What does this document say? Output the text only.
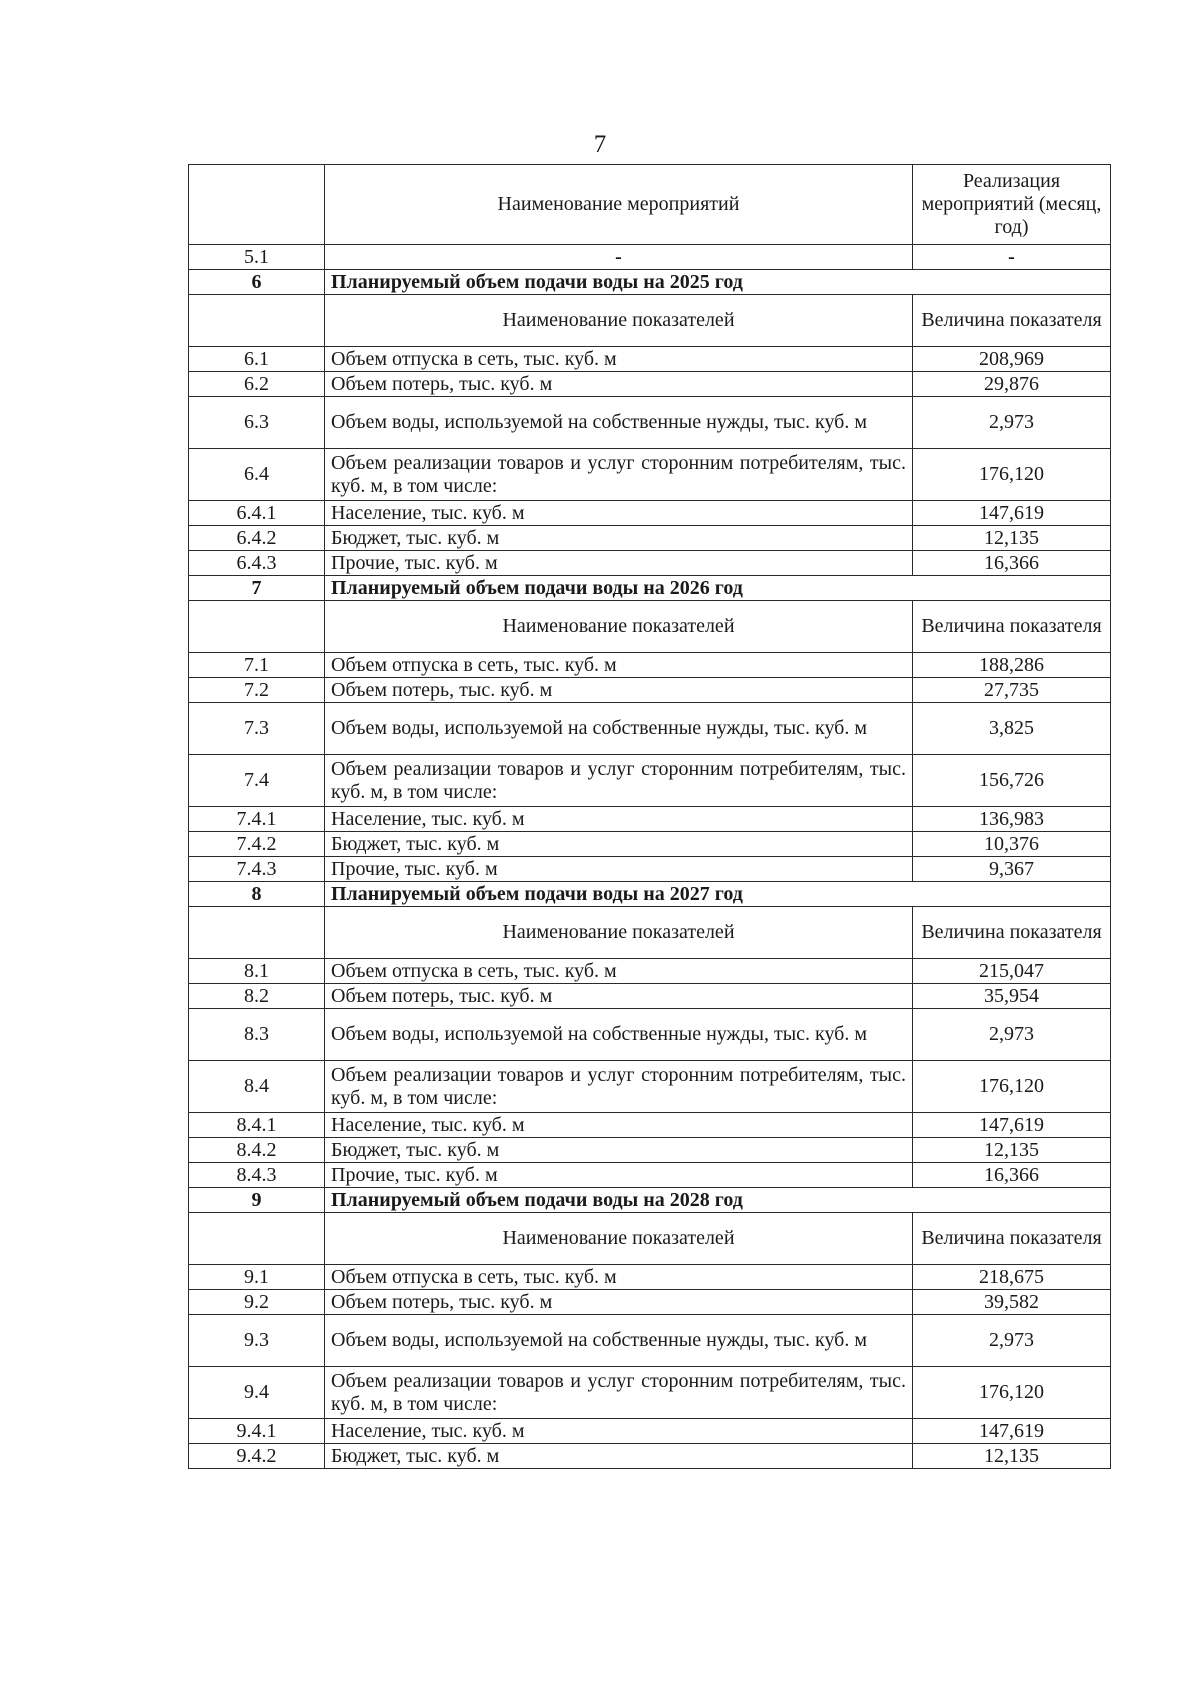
7
	Наименование мероприятий	Реализация мероприятий (месяц, год)
5.1	-	-
6	Планируемый объем подачи воды на 2025 год	
	Наименование показателей	Величина показателя
6.1	Объем отпуска в сеть, тыс. куб. м	208,969
6.2	Объем потерь, тыс. куб. м	29,876
6.3	Объем воды, используемой на собственные нужды, тыс. куб. м	2,973
6.4	Объем реализации товаров и услуг сторонним потребителям, тыс. куб. м, в том числе:	176,120
6.4.1	Население, тыс. куб. м	147,619
6.4.2	Бюджет, тыс. куб. м	12,135
6.4.3	Прочие, тыс. куб. м	16,366
7	Планируемый объем подачи воды на 2026 год	
	Наименование показателей	Величина показателя
7.1	Объем отпуска в сеть, тыс. куб. м	188,286
7.2	Объем потерь, тыс. куб. м	27,735
7.3	Объем воды, используемой на собственные нужды, тыс. куб. м	3,825
7.4	Объем реализации товаров и услуг сторонним потребителям, тыс. куб. м, в том числе:	156,726
7.4.1	Население, тыс. куб. м	136,983
7.4.2	Бюджет, тыс. куб. м	10,376
7.4.3	Прочие, тыс. куб. м	9,367
8	Планируемый объем подачи воды на 2027 год	
	Наименование показателей	Величина показателя
8.1	Объем отпуска в сеть, тыс. куб. м	215,047
8.2	Объем потерь, тыс. куб. м	35,954
8.3	Объем воды, используемой на собственные нужды, тыс. куб. м	2,973
8.4	Объем реализации товаров и услуг сторонним потребителям, тыс. куб. м, в том числе:	176,120
8.4.1	Население, тыс. куб. м	147,619
8.4.2	Бюджет, тыс. куб. м	12,135
8.4.3	Прочие, тыс. куб. м	16,366
9	Планируемый объем подачи воды на 2028 год	
	Наименование показателей	Величина показателя
9.1	Объем отпуска в сеть, тыс. куб. м	218,675
9.2	Объем потерь, тыс. куб. м	39,582
9.3	Объем воды, используемой на собственные нужды, тыс. куб. м	2,973
9.4	Объем реализации товаров и услуг сторонним потребителям, тыс. куб. м, в том числе:	176,120
9.4.1	Население, тыс. куб. м	147,619
9.4.2	Бюджет, тыс. куб. м	12,135
